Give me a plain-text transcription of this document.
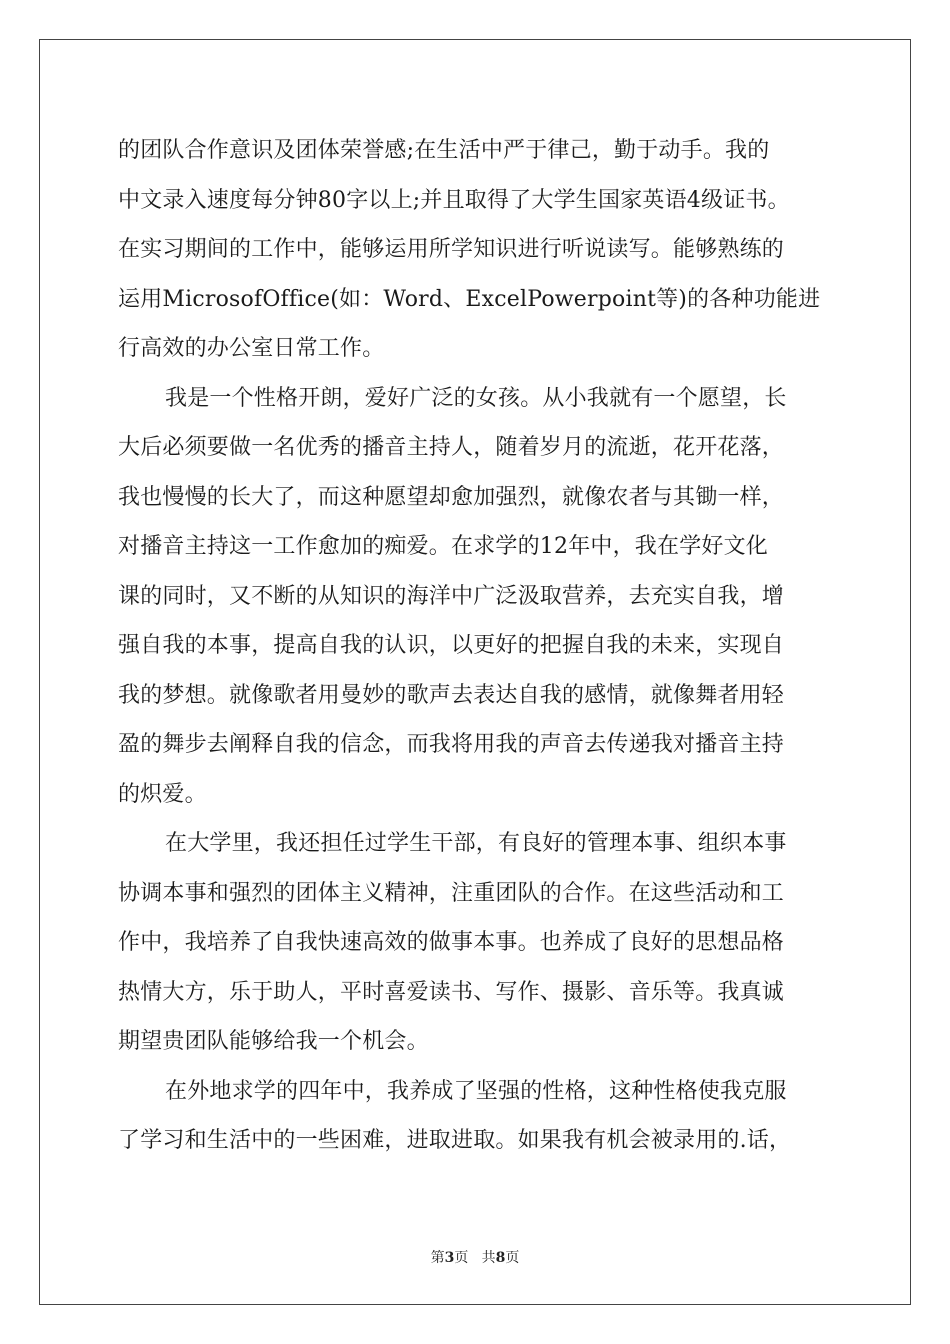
的团队合作意识及团体荣誉感;在生活中严于律己，勤于动手。我的
中文录入速度每分钟80字以上;并且取得了大学生国家英语4级证书。
在实习期间的工作中，能够运用所学知识进行听说读写。能够熟练的
运用MicrosofOffice(如：Word、ExcelPowerpoint等)的各种功能进
行高效的办公室日常工作。
我是一个性格开朗，爱好广泛的女孩。从小我就有一个愿望，长
大后必须要做一名优秀的播音主持人，随着岁月的流逝，花开花落，
我也慢慢的长大了，而这种愿望却愈加强烈，就像农者与其锄一样，
对播音主持这一工作愈加的痴爱。在求学的12年中，我在学好文化
课的同时，又不断的从知识的海洋中广泛汲取营养，去充实自我，增
强自我的本事，提高自我的认识，以更好的把握自我的未来，实现自
我的梦想。就像歌者用曼妙的歌声去表达自我的感情，就像舞者用轻
盈的舞步去阐释自我的信念，而我将用我的声音去传递我对播音主持
的炽爱。
在大学里，我还担任过学生干部，有良好的管理本事、组织本事
协调本事和强烈的团体主义精神，注重团队的合作。在这些活动和工
作中，我培养了自我快速高效的做事本事。也养成了良好的思想品格
热情大方，乐于助人，平时喜爱读书、写作、摄影、音乐等。我真诚
期望贵团队能够给我一个机会。
在外地求学的四年中，我养成了坚强的性格，这种性格使我克服
了学习和生活中的一些困难，进取进取。如果我有机会被录用的.话，
第3页 共8页
